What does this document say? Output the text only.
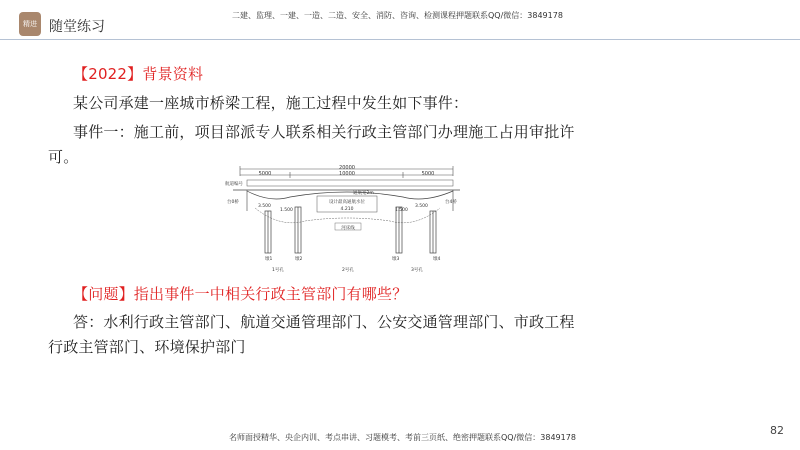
精进 随堂练习
二建、监理、一建、一造、二造、安全、消防、咨询、检测课程押题联系QQ/微信：3849178
【2022】背景资料
某公司承建一座城市桥梁工程，施工过程中发生如下事件：
事件一：施工前，项目部派专人联系相关行政主管部门办理施工占用审批许
可。
20000
5000	10000	5000
航道编号
通航宽2m
设计最高通航水位
4.210
河床线
台0桥	台4桥
3.500
1.500	1.500
3.500
墩1	墩2	墩3	墩4
1号孔	2号孔	3号孔
【问题】指出事件一中相关行政主管部门有哪些？
答：水利行政主管部门、航道交通管理部门、公安交通管理部门、市政工程
行政主管部门、环境保护部门
82
名师面授精华、央企内训、考点串讲、习题模考、考前三页纸、绝密押题联系QQ/微信：3849178
